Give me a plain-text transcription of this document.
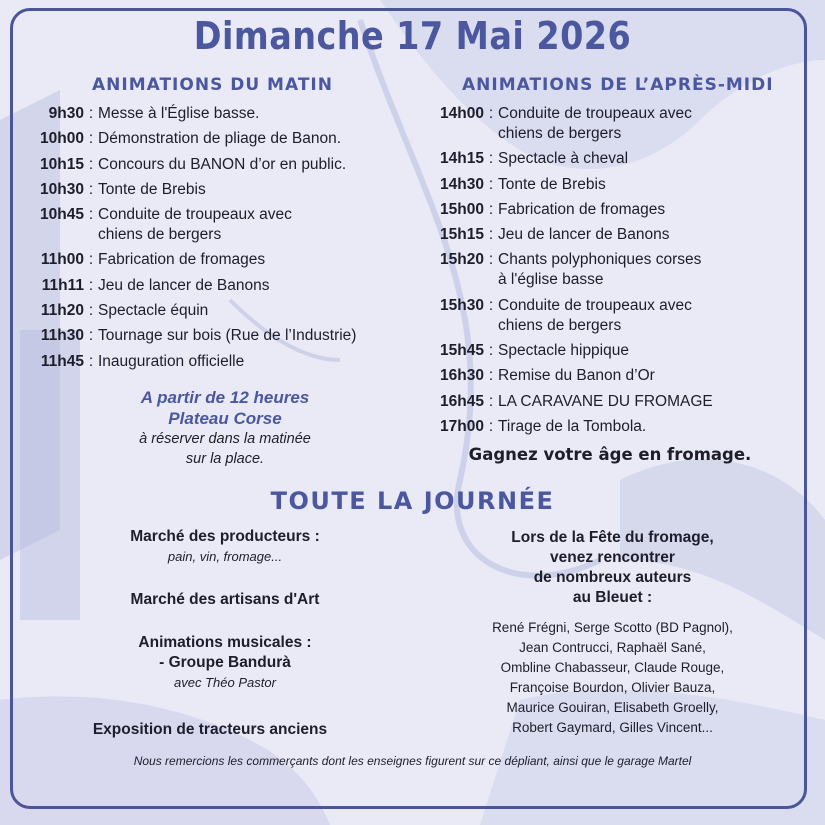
Dimanche 17 Mai 2026
ANIMATIONS DU MATIN	ANIMATIONS DE L’APRÈS-MIDI
9h30 : Messe à l'Église basse.
10h00 : Démonstration de pliage de Banon.
10h15 : Concours du BANON d’or en public.
10h30 : Tonte de Brebis
10h45 : Conduite de troupeaux avec
chiens de bergers
11h00 : Fabrication de fromages
11h11 : Jeu de lancer de Banons
11h20 : Spectacle équin
11h30 : Tournage sur bois (Rue de l’Industrie)
11h45 : Inauguration officielle
14h00 : Conduite de troupeaux avec
chiens de bergers
14h15 : Spectacle à cheval
14h30 : Tonte de Brebis
15h00 : Fabrication de fromages
15h15 : Jeu de lancer de Banons
15h20 : Chants polyphoniques corses
à l'église basse
15h30 : Conduite de troupeaux avec
chiens de bergers
15h45 : Spectacle hippique
16h30 : Remise du Banon d’Or
16h45 : LA CARAVANE DU FROMAGE
17h00 : Tirage de la Tombola.
A partir de 12 heures
Plateau Corse
à réserver dans la matinée
sur la place.	Gagnez votre âge en fromage.
TOUTE LA JOURNÉE
Marché des producteurs :
pain, vin, fromage...
Marché des artisans d'Art
Animations musicales :
- Groupe Bandurà
avec Théo Pastor
Exposition de tracteurs anciens
Lors de la Fête du fromage,
venez rencontrer
de nombreux auteurs
au Bleuet :
René Frégni, Serge Scotto (BD Pagnol),
Jean Contrucci, Raphaël Sané,
Ombline Chabasseur, Claude Rouge,
Françoise Bourdon, Olivier Bauza,
Maurice Gouiran, Elisabeth Groelly,
Robert Gaymard, Gilles Vincent...
Nous remercions les commerçants dont les enseignes figurent sur ce dépliant, ainsi que le garage Martel
